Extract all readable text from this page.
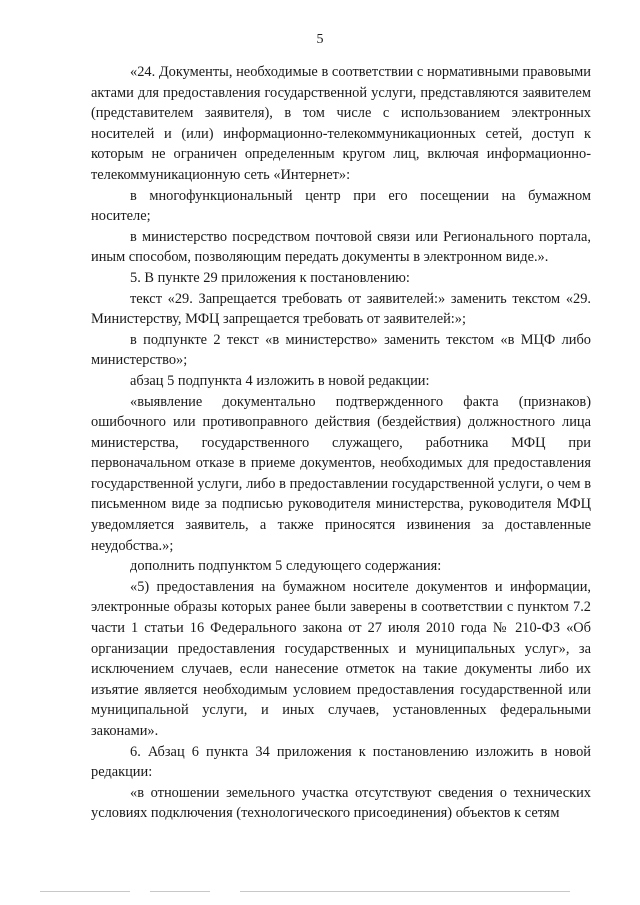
5

«24. Документы, необходимые в соответствии с нормативными правовыми актами для предоставления государственной услуги, представляются заявителем (представителем заявителя), в том числе с использованием электронных носителей и (или) информационно-телекоммуникационных сетей, доступ к которым не ограничен определенным кругом лиц, включая информационно-телекоммуникационную сеть «Интернет»:

в многофункциональный центр при его посещении на бумажном носителе;

в министерство посредством почтовой связи или Регионального портала, иным способом, позволяющим передать документы в электронном виде.».

5. В пункте 29 приложения к постановлению:

текст «29. Запрещается требовать от заявителей:» заменить текстом «29. Министерству, МФЦ запрещается требовать от заявителей:»;

в подпункте 2 текст «в министерство» заменить текстом «в МЦФ либо министерство»;

абзац 5 подпункта 4 изложить в новой редакции:

«выявление документально подтвержденного факта (признаков) ошибочного или противоправного действия (бездействия) должностного лица министерства, государственного служащего, работника МФЦ при первоначальном отказе в приеме документов, необходимых для предоставления государственной услуги, либо в предоставлении государственной услуги, о чем в письменном виде за подписью руководителя министерства, руководителя МФЦ уведомляется заявитель, а также приносятся извинения за доставленные неудобства.»;

дополнить подпунктом 5 следующего содержания:

«5) предоставления на бумажном носителе документов и информации, электронные образы которых ранее были заверены в соответствии с пунктом 7.2 части 1 статьи 16 Федерального закона от 27 июля 2010 года № 210-ФЗ «Об организации предоставления государственных и муниципальных услуг», за исключением случаев, если нанесение отметок на такие документы либо их изъятие является необходимым условием предоставления государственной или муниципальной услуги, и иных случаев, установленных федеральными законами».

6. Абзац 6 пункта 34 приложения к постановлению изложить в новой редакции:

«в отношении земельного участка отсутствуют сведения о технических условиях подключения (технологического присоединения) объектов к сетям
